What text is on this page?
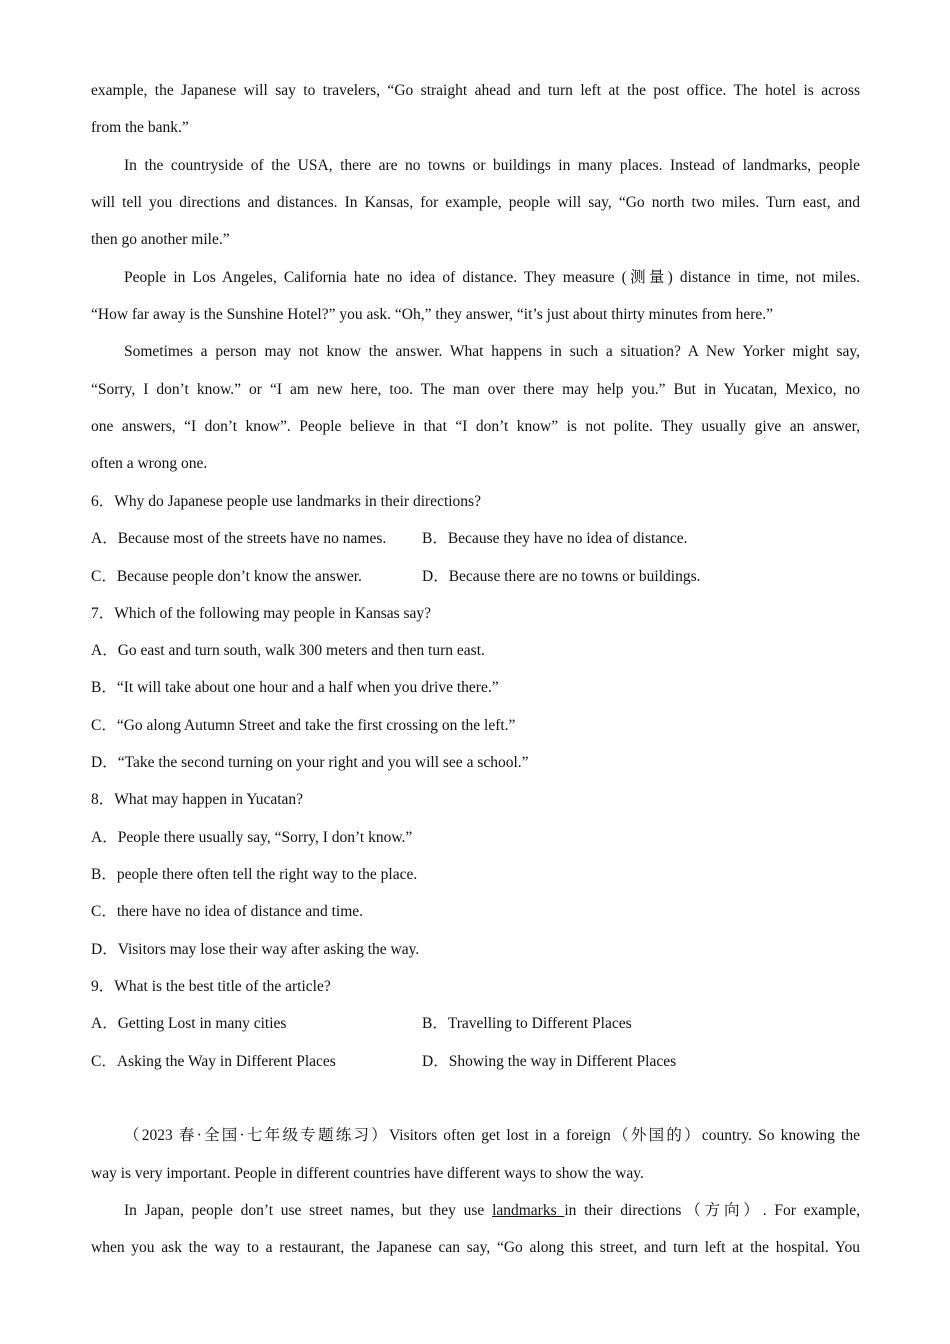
example, the Japanese will say to travelers, “Go straight ahead and turn left at the post office. The hotel is across
from the bank.”
In the countryside of the USA, there are no towns or buildings in many places. Instead of landmarks, people
will tell you directions and distances. In Kansas, for example, people will say, “Go north two miles. Turn east, and
then go another mile.”
People in Los Angeles, California hate no idea of distance. They measure (测量) distance in time, not miles.
“How far away is the Sunshine Hotel?” you ask. “Oh,” they answer, “it’s just about thirty minutes from here.”
Sometimes a person may not know the answer. What happens in such a situation? A New Yorker might say,
“Sorry, I don’t know.” or “I am new here, too. The man over there may help you.” But in Yucatan, Mexico, no
one answers, “I don’t know”. People believe in that “I don’t know” is not polite. They usually give an answer,
often a wrong one.
6．Why do Japanese people use landmarks in their directions?
A．Because most of the streets have no names.	B．Because they have no idea of distance.
C．Because people don’t know the answer.	D．Because there are no towns or buildings.
7．Which of the following may people in Kansas say?
A．Go east and turn south, walk 300 meters and then turn east.
B．“It will take about one hour and a half when you drive there.”
C．“Go along Autumn Street and take the first crossing on the left.”
D．“Take the second turning on your right and you will see a school.”
8．What may happen in Yucatan?
A．People there usually say, “Sorry, I don’t know.”
B．people there often tell the right way to the place.
C．there have no idea of distance and time.
D．Visitors may lose their way after asking the way.
9．What is the best title of the article?
A．Getting Lost in many cities	B．Travelling to Different Places
C．Asking the Way in Different Places	D．Showing the way in Different Places
（2023 春·全国·七年级专题练习）Visitors often get lost in a foreign（外国的）country. So knowing the
way is very important. People in different countries have different ways to show the way.
In Japan, people don’t use street names, but they use landmarks in their directions（方向）. For example,
when you ask the way to a restaurant, the Japanese can say, “Go along this street, and turn left at the hospital. You
